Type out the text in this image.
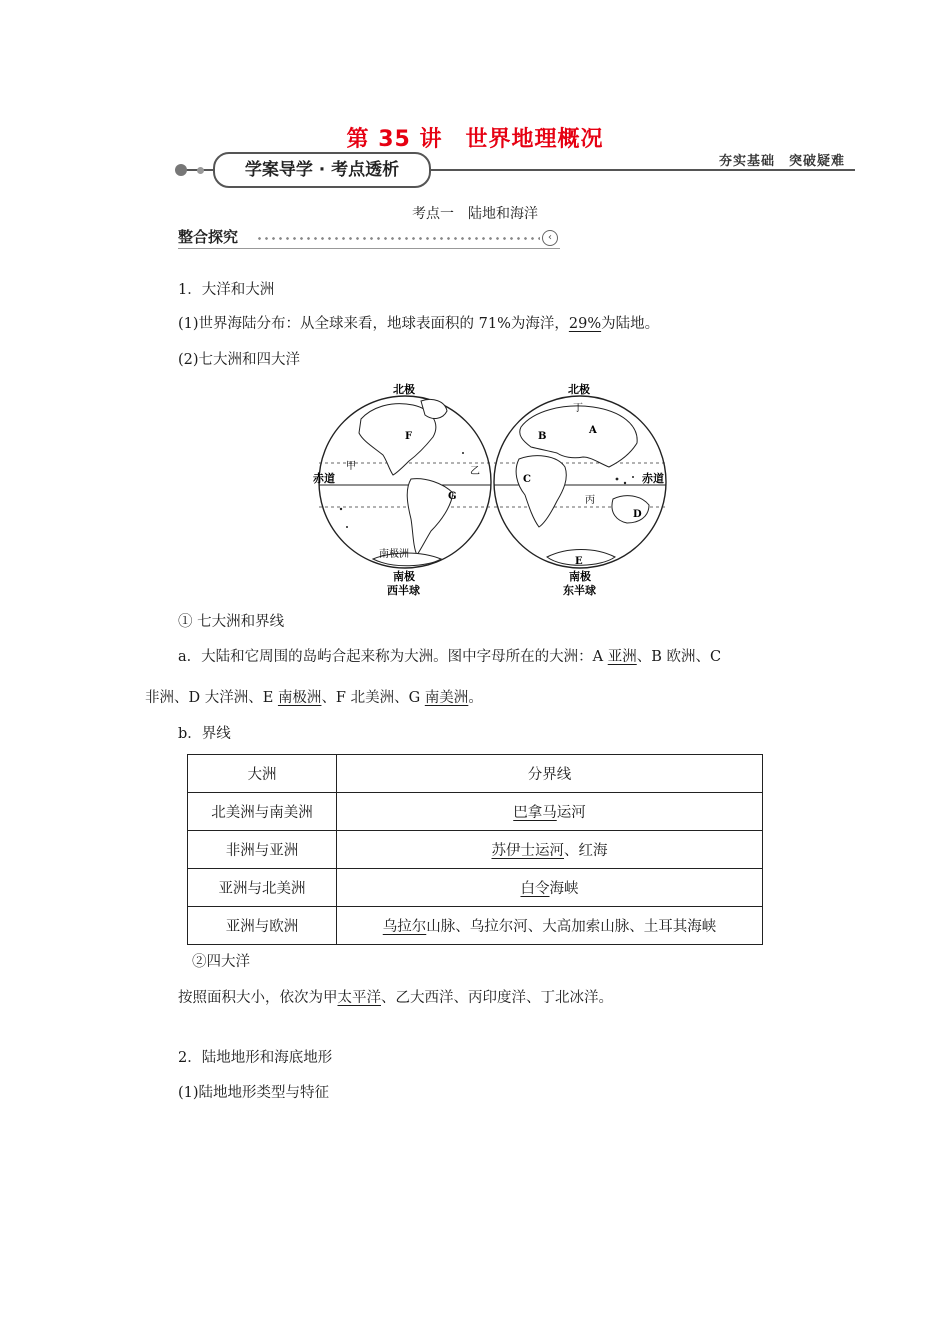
第 35 讲　世界地理概况
学案导学 · 考点透析	夯实基础　突破疑难
考点一　陆地和海洋
整合探究	‹
1．大洋和大洲
(1)世界海陆分布：从全球来看，地球表面积的 71%为海洋，29%为陆地。
(2)七大洲和四大洋
北极
赤道
甲	乙
F
G
南极洲
南极
西半球
北极
赤道
丁
丙
A
B
C
D
E
南极
东半球
① 七大洲和界线
a．大陆和它周围的岛屿合起来称为大洲。图中字母所在的大洲：A 亚洲、B 欧洲、C
非洲、D 大洋洲、E 南极洲、F 北美洲、G 南美洲。
b．界线
大洲	分界线
北美洲与南美洲	巴拿马运河
非洲与亚洲	苏伊士运河、红海
亚洲与北美洲	白令海峡
亚洲与欧洲	乌拉尔山脉、乌拉尔河、大高加索山脉、土耳其海峡
②四大洋
按照面积大小，依次为甲太平洋、乙大西洋、丙印度洋、丁北冰洋。
2．陆地地形和海底地形
(1)陆地地形类型与特征
